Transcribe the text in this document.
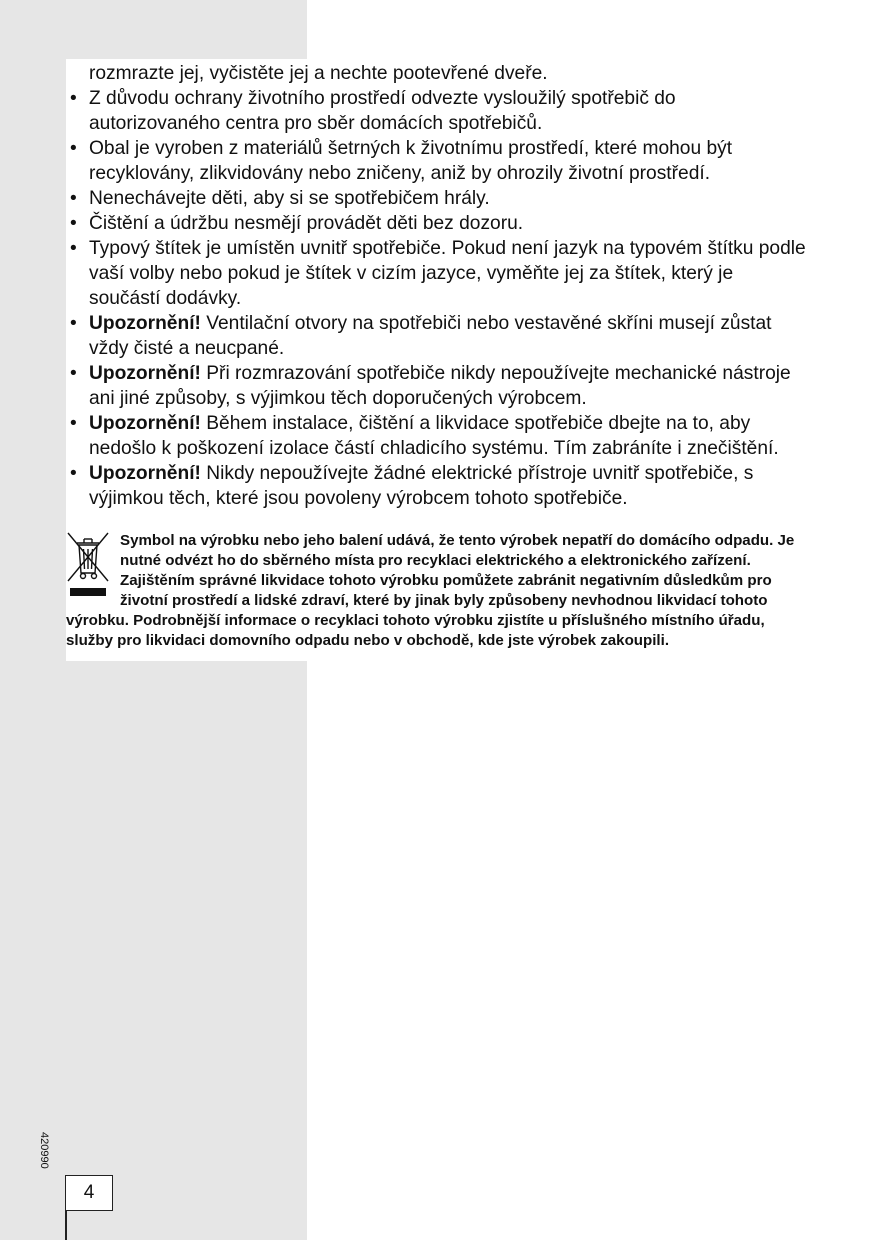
rozmrazte jej, vyčistěte jej a nechte pootevřené dveře.
• Z důvodu ochrany životního prostředí odvezte vysloužilý spotřebič do autorizovaného centra pro sběr domácích spotřebičů.
• Obal je vyroben z materiálů šetrných k životnímu prostředí, které mohou být recyklovány, zlikvidovány nebo zničeny, aniž by ohrozily životní prostředí.
• Nenechávejte děti, aby si se spotřebičem hrály.
• Čištění a údržbu nesmějí provádět děti bez dozoru.
• Typový štítek je umístěn uvnitř spotřebiče. Pokud není jazyk na typovém štítku podle vaší volby nebo pokud je štítek v cizím jazyce, vyměňte jej za štítek, který je součástí dodávky.
• Upozornění! Ventilační otvory na spotřebiči nebo vestavěné skříni musejí zůstat vždy čisté a neucpané.
• Upozornění! Při rozmrazování spotřebiče nikdy nepoužívejte mechanické nástroje ani jiné způsoby, s výjimkou těch doporučených výrobcem.
• Upozornění! Během instalace, čištění a likvidace spotřebiče dbejte na to, aby nedošlo k poškození izolace částí chladicího systému. Tím zabráníte i znečištění.
• Upozornění! Nikdy nepoužívejte žádné elektrické přístroje uvnitř spotřebiče, s výjimkou těch, které jsou povoleny výrobcem tohoto spotřebiče.

Symbol na výrobku nebo jeho balení udává, že tento výrobek nepatří do domácího odpadu. Je nutné odvézt ho do sběrného místa pro recyklaci elektrického a elektronického zařízení. Zajištěním správné likvidace tohoto výrobku pomůžete zabránit negativním důsledkům pro životní prostředí a lidské zdraví, které by jinak byly způsobeny nevhodnou likvidací tohoto výrobku. Podrobnější informace o recyklaci tohoto výrobku zjistíte u příslušného místního úřadu, služby pro likvidaci domovního odpadu nebo v obchodě, kde jste výrobek zakoupili.

420990
4
